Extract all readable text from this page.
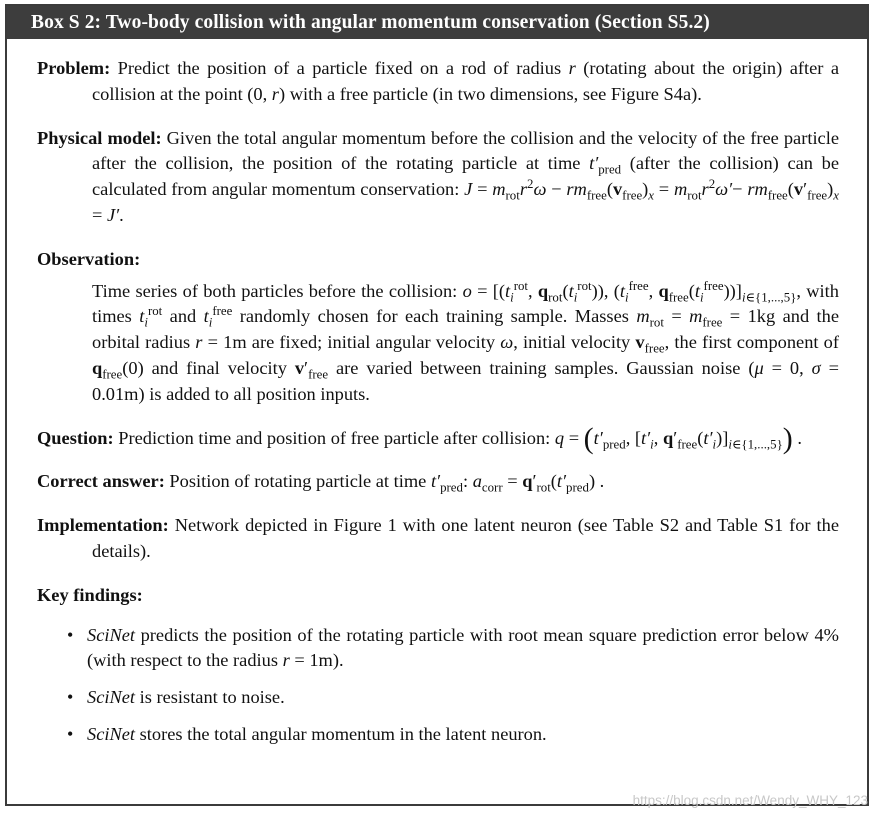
Box S 2: Two-body collision with angular momentum conservation (Section S5.2)
Problem: Predict the position of a particle fixed on a rod of radius r (rotating about the origin) after a collision at the point (0, r) with a free particle (in two dimensions, see Figure S4a).
Physical model: Given the total angular momentum before the collision and the velocity of the free particle after the collision, the position of the rotating particle at time $t'_{pred}$ (after the collision) can be calculated from angular momentum conservation: $J = m_{rot}r^2\omega - rm_{free}(v_{free})_x = m_{rot}r^2\omega'- rm_{free}(v'_{free})_x = J'$.
Observation:
Time series of both particles before the collision: $o = [(t_i^{rot}$, $q_{rot}(t_i^{rot})$), ($t_i^{free}$, $q_{free}(t_i^{free}))]_{i\in\{1,...,5\}}$, with times $t_i^{rot}$ and $t_i^{free}$ randomly chosen for each training sample. Masses $m_{rot} = m_{free} = 1kg$ and the orbital radius r = 1m are fixed; initial angular velocity ω, initial velocity $v_{free}$, the first component of $q_{free}(0)$ and final velocity $v'_{free}$ are varied between training samples. Gaussian noise (μ = 0, σ = 0.01m) is added to all position inputs.
Question: Prediction time and position of free particle after collision: $q = (t'_{pred}$, [$t'_i$, $q'_{free}(t'_i)]_{i\in\{1,...,5\}}$) .
Correct answer: Position of rotating particle at time $t'_{pred}$: $a_{corr} = q'_{rot}(t'_{pred})$ .
Implementation: Network depicted in Figure 1 with one latent neuron (see Table S2 and Table S1 for the details).
Key findings:
• SciNet predicts the position of the rotating particle with root mean square prediction error below 4% (with respect to the radius r = 1m).
• SciNet is resistant to noise.
• SciNet stores the total angular momentum in the latent neuron.
https://blog.csdn.net/Wendy_WHY_123
